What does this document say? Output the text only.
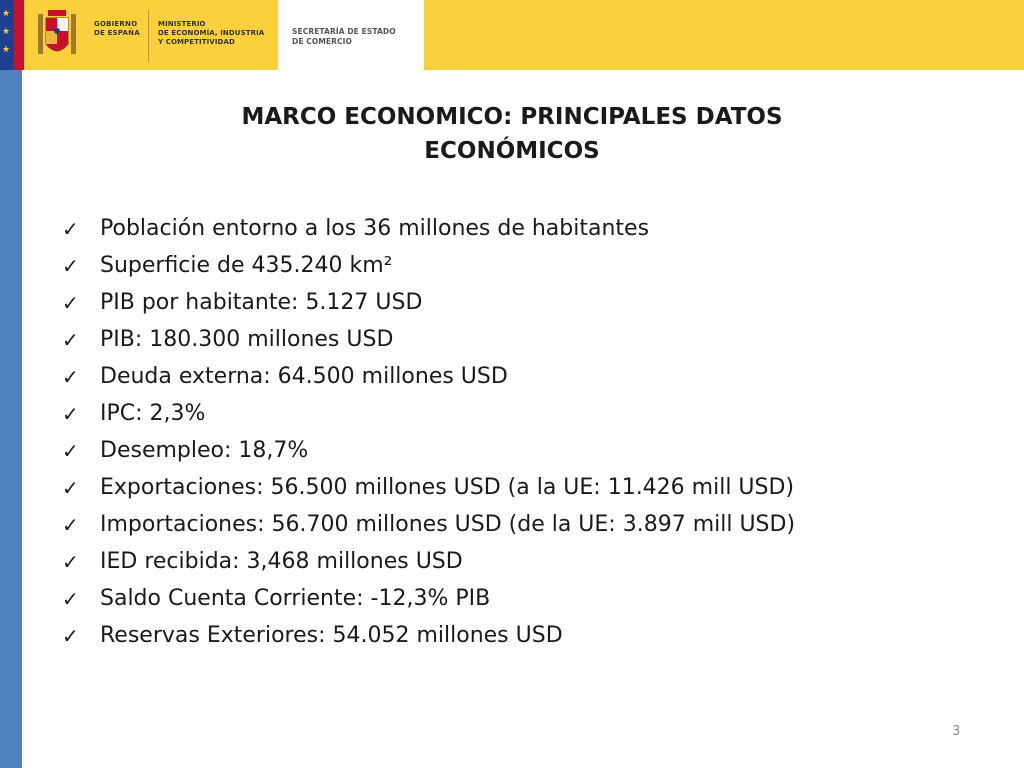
★
★
★
GOBIERNO
DE ESPAÑA
MINISTERIO
DE ECONOMÍA, INDUSTRIA
Y COMPETITIVIDAD
SECRETARÍA DE ESTADO
DE COMERCIO
MARCO ECONOMICO: PRINCIPALES DATOS
ECONÓMICOS
✓ Población entorno a los 36 millones de habitantes
✓ Superficie de 435.240 km²
✓ PIB por habitante: 5.127 USD
✓ PIB: 180.300 millones USD
✓ Deuda externa: 64.500 millones USD
✓ IPC: 2,3%
✓ Desempleo: 18,7%
✓ Exportaciones: 56.500 millones USD (a la UE: 11.426 mill USD)
✓ Importaciones: 56.700 millones USD (de la UE: 3.897 mill USD)
✓ IED recibida: 3,468 millones USD
✓ Saldo Cuenta Corriente: -12,3% PIB
✓ Reservas Exteriores: 54.052 millones USD
3
